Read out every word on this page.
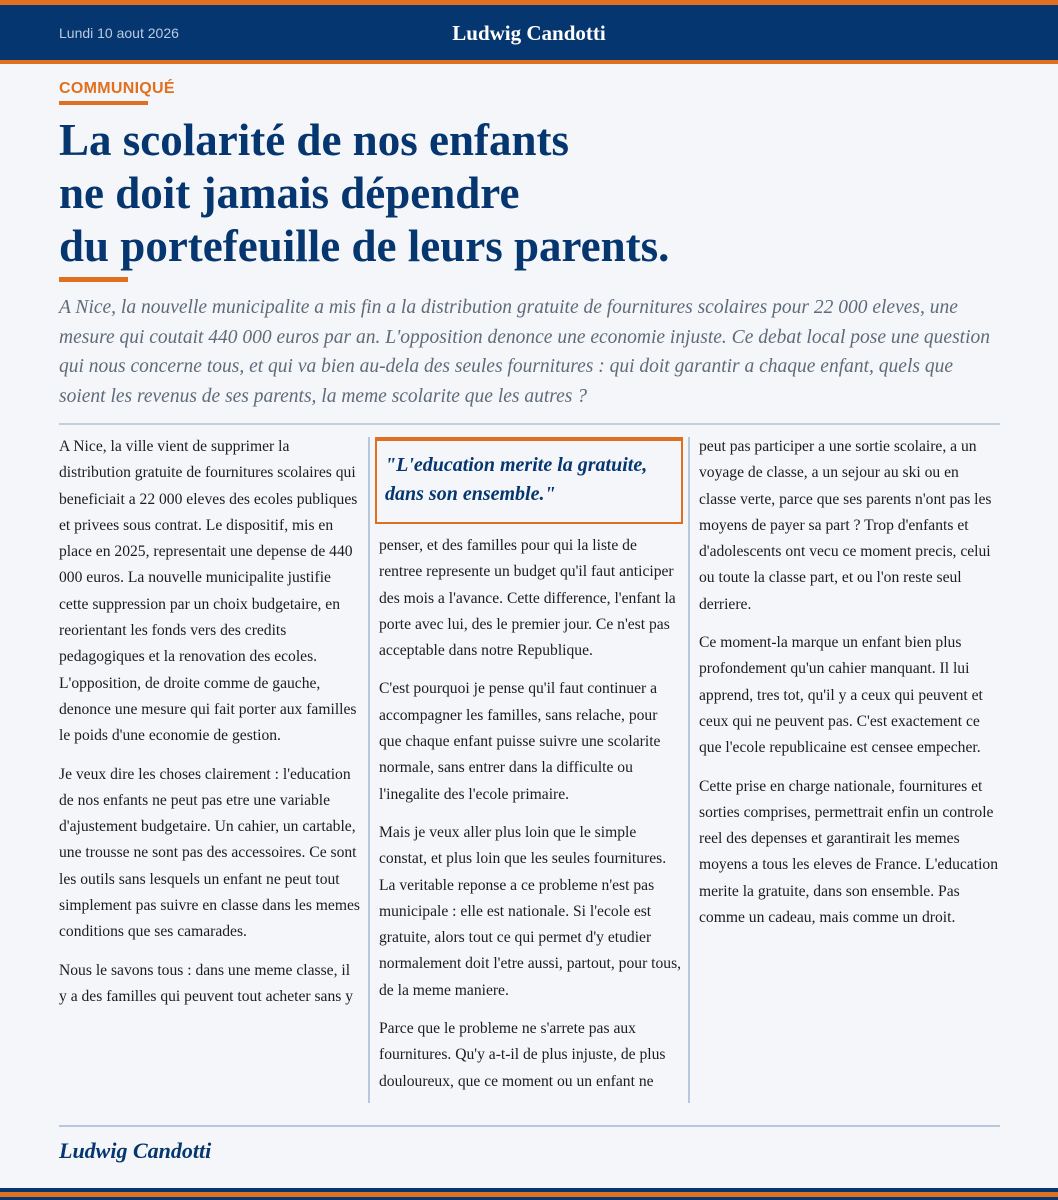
Lundi 10 aout 2026	Ludwig Candotti
COMMUNIQUÉ
La scolarité de nos enfants
ne doit jamais dépendre
du portefeuille de leurs parents.

A Nice, la nouvelle municipalite a mis fin a la distribution gratuite de fournitures scolaires pour 22 000 eleves, une mesure qui coutait 440 000 euros par an. L'opposition denonce une economie injuste. Ce debat local pose une question qui nous concerne tous, et qui va bien au-dela des seules fournitures : qui doit garantir a chaque enfant, quels que soient les revenus de ses parents, la meme scolarite que les autres ?

A Nice, la ville vient de supprimer la distribution gratuite de fournitures scolaires qui beneficiait a 22 000 eleves des ecoles publiques et privees sous contrat. Le dispositif, mis en place en 2025, representait une depense de 440 000 euros. La nouvelle municipalite justifie cette suppression par un choix budgetaire, en reorientant les fonds vers des credits pedagogiques et la renovation des ecoles. L'opposition, de droite comme de gauche, denonce une mesure qui fait porter aux familles le poids d'une economie de gestion.

Je veux dire les choses clairement : l'education de nos enfants ne peut pas etre une variable d'ajustement budgetaire. Un cahier, un cartable, une trousse ne sont pas des accessoires. Ce sont les outils sans lesquels un enfant ne peut tout simplement pas suivre en classe dans les memes conditions que ses camarades.

Nous le savons tous : dans une meme classe, il y a des familles qui peuvent tout acheter sans y

"L'education merite la gratuite, dans son ensemble."

penser, et des familles pour qui la liste de rentree represente un budget qu'il faut anticiper des mois a l'avance. Cette difference, l'enfant la porte avec lui, des le premier jour. Ce n'est pas acceptable dans notre Republique.

C'est pourquoi je pense qu'il faut continuer a accompagner les familles, sans relache, pour que chaque enfant puisse suivre une scolarite normale, sans entrer dans la difficulte ou l'inegalite des l'ecole primaire.

Mais je veux aller plus loin que le simple constat, et plus loin que les seules fournitures. La veritable reponse a ce probleme n'est pas municipale : elle est nationale. Si l'ecole est gratuite, alors tout ce qui permet d'y etudier normalement doit l'etre aussi, partout, pour tous, de la meme maniere.

Parce que le probleme ne s'arrete pas aux fournitures. Qu'y a-t-il de plus injuste, de plus douloureux, que ce moment ou un enfant ne

peut pas participer a une sortie scolaire, a un voyage de classe, a un sejour au ski ou en classe verte, parce que ses parents n'ont pas les moyens de payer sa part ? Trop d'enfants et d'adolescents ont vecu ce moment precis, celui ou toute la classe part, et ou l'on reste seul derriere.

Ce moment-la marque un enfant bien plus profondement qu'un cahier manquant. Il lui apprend, tres tot, qu'il y a ceux qui peuvent et ceux qui ne peuvent pas. C'est exactement ce que l'ecole republicaine est censee empecher.

Cette prise en charge nationale, fournitures et sorties comprises, permettrait enfin un controle reel des depenses et garantirait les memes moyens a tous les eleves de France. L'education merite la gratuite, dans son ensemble. Pas comme un cadeau, mais comme un droit.

Ludwig Candotti
